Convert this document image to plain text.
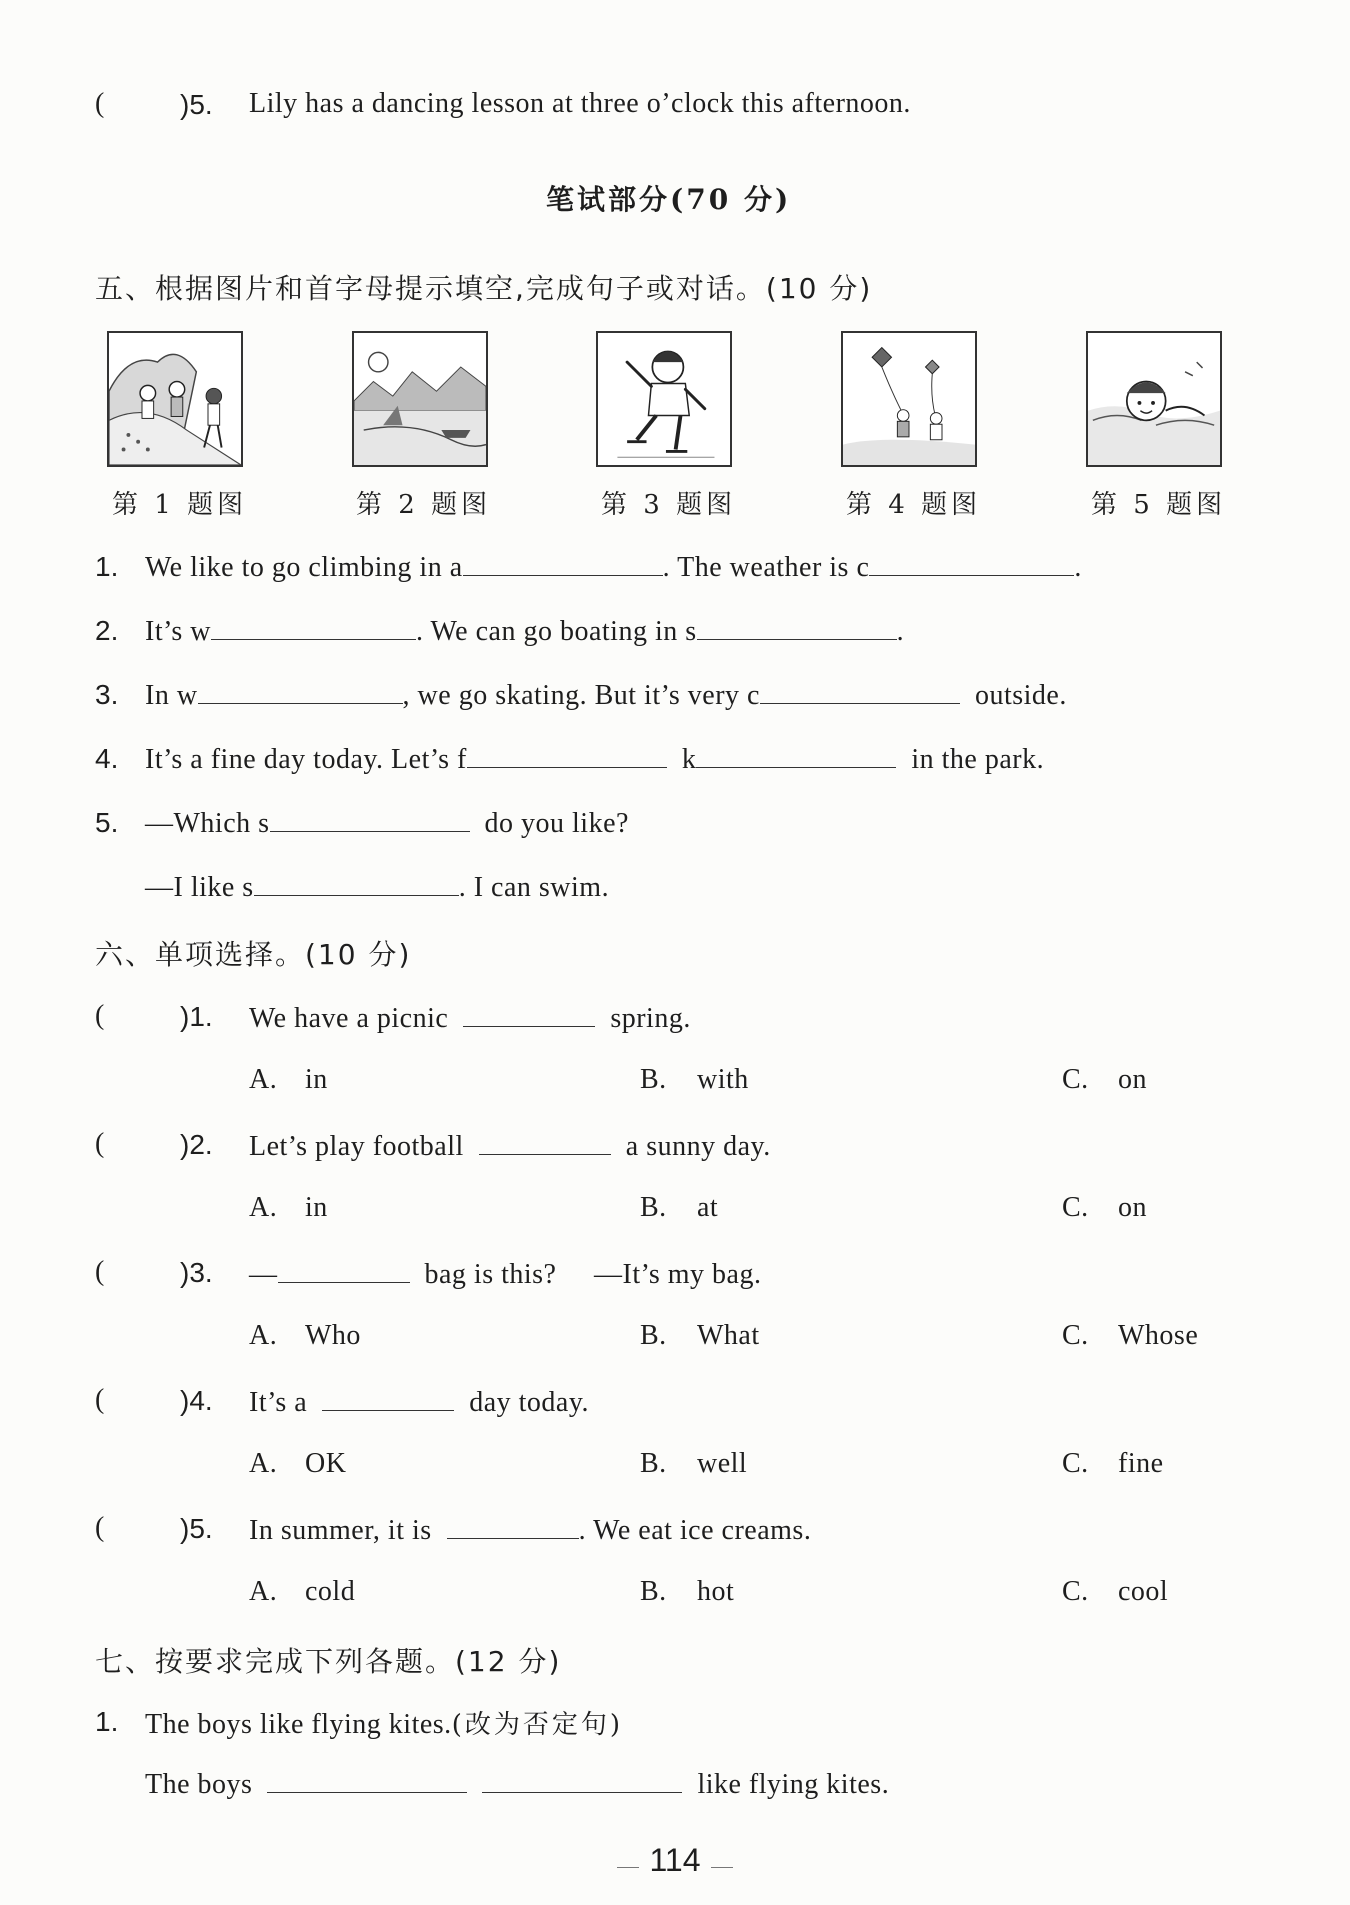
(	)5. Lily has a dancing lesson at three o’clock this afternoon.
笔试部分(70 分)
五、根据图片和首字母提示填空,完成句子或对话。(10 分)
第 1 题图	第 2 题图	第 3 题图	第 4 题图	第 5 题图
1. We like to go climbing in a	. The weather is c	.
2. It’s w	. We can go boating in s	.
3. In w	, we go skating. But it’s very c	outside.
4. It’s a fine day today. Let’s f	k	in the park.
5. —Which s	do you like?
—I like s	. I can swim.
六、单项选择。(10 分)
(	)1. We have a picnic	spring.
A. in	B. with	C. on
(	)2. Let’s play football	a sunny day.
A. in	B. at	C. on
(	)3. —	bag is this? —It’s my bag.
A. Who	B. What	C. Whose
(	)4. It’s a	day today.
A. OK	B. well	C. fine
(	)5. In summer, it is	. We eat ice creams.
A. cold	B. hot	C. cool
七、按要求完成下列各题。(12 分)
1. The boys like flying kites.(改为否定句)
The boys	like flying kites.
114
